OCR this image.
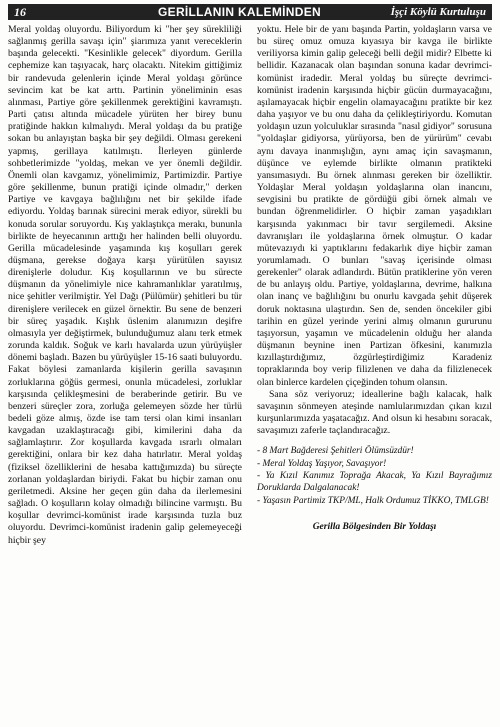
16	GERİLLANIN KALEMİNDEN	İşçi Köylü Kurtuluşu

Meral yoldaş oluyordu. Biliyordum ki "her şey sürekliliği sağlanmış gerilla savaşı için" şiarımıza yanıt vereceklerin başında gelecekti. "Kesinlikle gelecek" diyordum. Gerilla cephemize kan taşıyacak, harç olacaktı. Nitekim gittiğimiz bir randevuda gelenlerin içinde Meral yoldaşı görünce sevincim kat be kat arttı. Partinin yöneliminin esas alınması, Partiye göre şekillenmek gerektiğini kavramıştı. Parti çatısı altında mücadele yürüten her birey bunu pratiğinde hakkın kılmalıydı. Meral yoldaşı da bu pratiğe sokan bu anlayıştan başka bir şey değildi. Olması gerekeni yapmış, gerillaya katılmıştı. İlerleyen günlerde sohbetlerimizde "yoldaş, mekan ve yer önemli değildir. Önemli olan kavgamız, yönelimimiz, Partimizdir. Partiye göre şekillenme, bunun pratiği içinde olmadır," derken Partiye ve kavgaya bağlılığını net bir şekilde ifade ediyordu. Yoldaş barınak sürecini merak ediyor, sürekli bu konuda sorular soruyordu. Kış yaklaştıkça merakı, bununla birlikte de heyecanının arttığı her halinden belli oluyordu. Gerilla mücadelesinde yaşamında kış koşulları gerek düşmana, gerekse doğaya karşı yürütülen sayısız direnişlerle doludur. Kış koşullarının ve bu sürecte düşmanın da yönelimiyle nice kahramanlıklar yaratılmış, nice şehitler verilmiştir. Yel Dağı (Pülümür) şehitleri bu tür direnişlere verilecek en güzel örnektir. Bu sene de benzeri bir süreç yaşadık. Kışlık üslenim alanımızın deşifre olmasıyla yer değiştirmek, bulunduğumuz alanı terk etmek zorunda kaldık. Soğuk ve karlı havalarda uzun yürüyüşler dönemi başladı. Bazen bu yürüyüşler 15-16 saati buluyordu. Fakat böylesi zamanlarda kişilerin gerilla savaşının zorluklarına göğüs germesi, onunla mücadelesi, zorluklar karşısında çelikleşmesini de beraberinde getirir. Bu ve benzeri süreçler zora, zorluğa gelemeyen sözde her türlü bedeli göze almış, özde ise tam tersi olan kimi insanları kavgadan uzaklaştıracağı gibi, kimilerini daha da sağlamlaştırır. Zor koşullarda kavgada ısrarlı olmaları gerektiğini, onlara bir kez daha hatırlatır. Meral yoldaş (fiziksel özelliklerini de hesaba kattığımızda) bu süreçte zorlanan yoldaşlardan biriydi. Fakat bu hiçbir zaman onu geriletmedi. Aksine her geçen gün daha da ilerlemesini sağladı. O koşulların kolay olmadığı bilincine varmıştı. Bu koşullar devrimci-komünist irade karşısında tuzla buz oluyordu. Devrimci-komünist iradenin galip gelemeyeceği hiçbir şey

yoktu. Hele bir de yanı başında Partin, yoldaşların varsa ve bu süreç omuz omuza kıyasıya bir kavga ile birlikte veriliyorsa kimin galip geleceği belli değil midir? Elbette ki bellidir. Kazanacak olan başından sonuna kadar devrimci-komünist iradedir. Meral yoldaş bu süreçte devrimci-komünist iradenin karşısında hiçbir gücün durmayacağını, aşılamayacak hiçbir engelin olamayacağını pratikte bir kez daha yaşıyor ve bu onu daha da çelikleştiriyordu. Komutan yoldaşın uzun yolculuklar sırasında "nasıl gidiyor" sorusuna "yoldaşlar gidiyorsa, yürüyorsa, ben de yürürüm" cevabı aynı davaya inanmışlığın, aynı amaç için savaşmanın, düşünce ve eylemde birlikte olmanın pratikteki yansımasıydı. Bu örnek alınması gereken bir özelliktir. Yoldaşlar Meral yoldaşın yoldaşlarına olan inancını, sevgisini bu pratikte de gördüğü gibi örnek almalı ve bundan öğrenmelidirler. O hiçbir zaman yaşadıkları karşısında yakınmacı bir tavır sergilemedi. Aksine davranışları ile yoldaşlarına örnek olmuştur. O kadar mütevazıydı ki yaptıklarını fedakarlık diye hiçbir zaman yorumlamadı. O bunları "savaş içerisinde olması gerekenler" olarak adlandırdı. Bütün pratiklerine yön veren de bu anlayış oldu. Partiye, yoldaşlarına, devrime, halkına olan inanç ve bağlılığını bu onurlu kavgada şehit düşerek doruk noktasına ulaştırdın. Sen de, senden öncekiler gibi tarihin en güzel yerinde yerini almış olmanın gururunu taşıyorsun, yaşamın ve mücadelenin olduğu her alanda düşmanın beynine inen Partizan öfkesini, kanımızla kızıllaştırdığımız, özgürleştirdiğimiz Karadeniz topraklarında boy verip filizlenen ve daha da filizlenecek olan binlerce kardelen çiçeğinden tohum olansın.

Sana söz veriyoruz; ideallerine bağlı kalacak, halk savaşının sönmeyen ateşinde namlularımızdan çıkan kızıl kurşunlarımızda yaşatacağız. And olsun ki hesabını soracak, savaşımızı zaferle taçlandıracağız.

- 8 Mart Bağderesi Şehitleri Ölümsüzdür!
- Meral Yoldaş Yaşıyor, Savaşıyor!
- Ya Kızıl Kanımız Toprağa Akacak, Ya Kızıl Bayrağımız Doruklarda Dalgalanacak!
- Yaşasın Partimiz TKP/ML, Halk Ordumuz TİKKO, TMLGB!
Gerilla Bölgesinden Bir Yoldaşı
